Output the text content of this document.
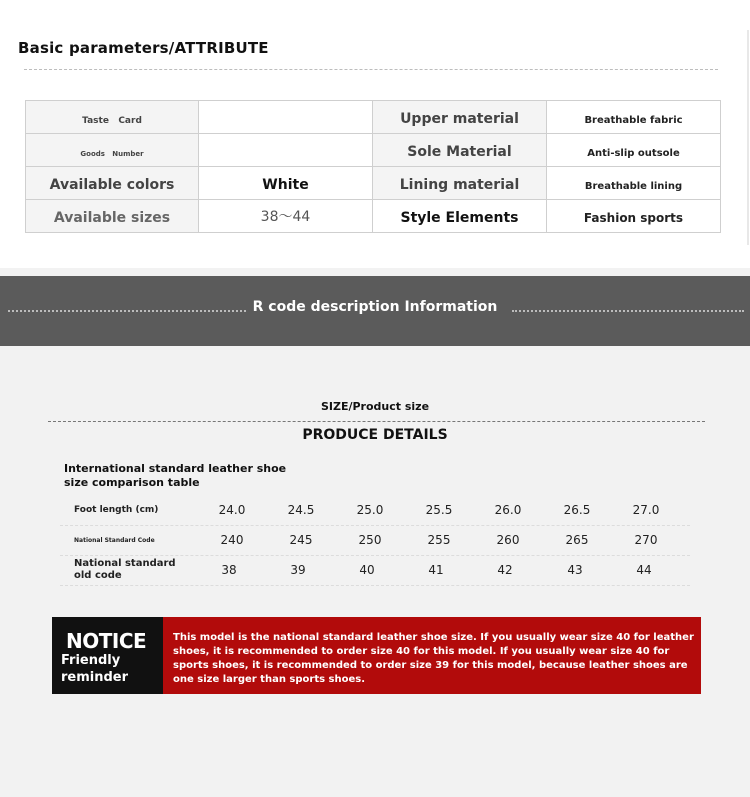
Basic parameters/ATTRIBUTE
Taste   Card		Upper material	Breathable fabric
Goods   Number		Sole Material	Anti-slip outsole
Available colors	White	Lining material	Breathable lining
Available sizes	38～44	Style Elements	Fashion sports
R code description Information
SIZE/Product size
PRODUCE DETAILS
International standard leather shoe size comparison table
Foot length (cm)	24.0	24.5	25.0	25.5	26.0	26.5	27.0
National Standard Code	240	245	250	255	260	265	270
National standard old code	38	39	40	41	42	43	44
NOTICE
Friendly reminder
This model is the national standard leather shoe size. If you usually wear size 40 for leather shoes, it is recommended to order size 40 for this model. If you usually wear size 40 for sports shoes, it is recommended to order size 39 for this model, because leather shoes are one size larger than sports shoes.
